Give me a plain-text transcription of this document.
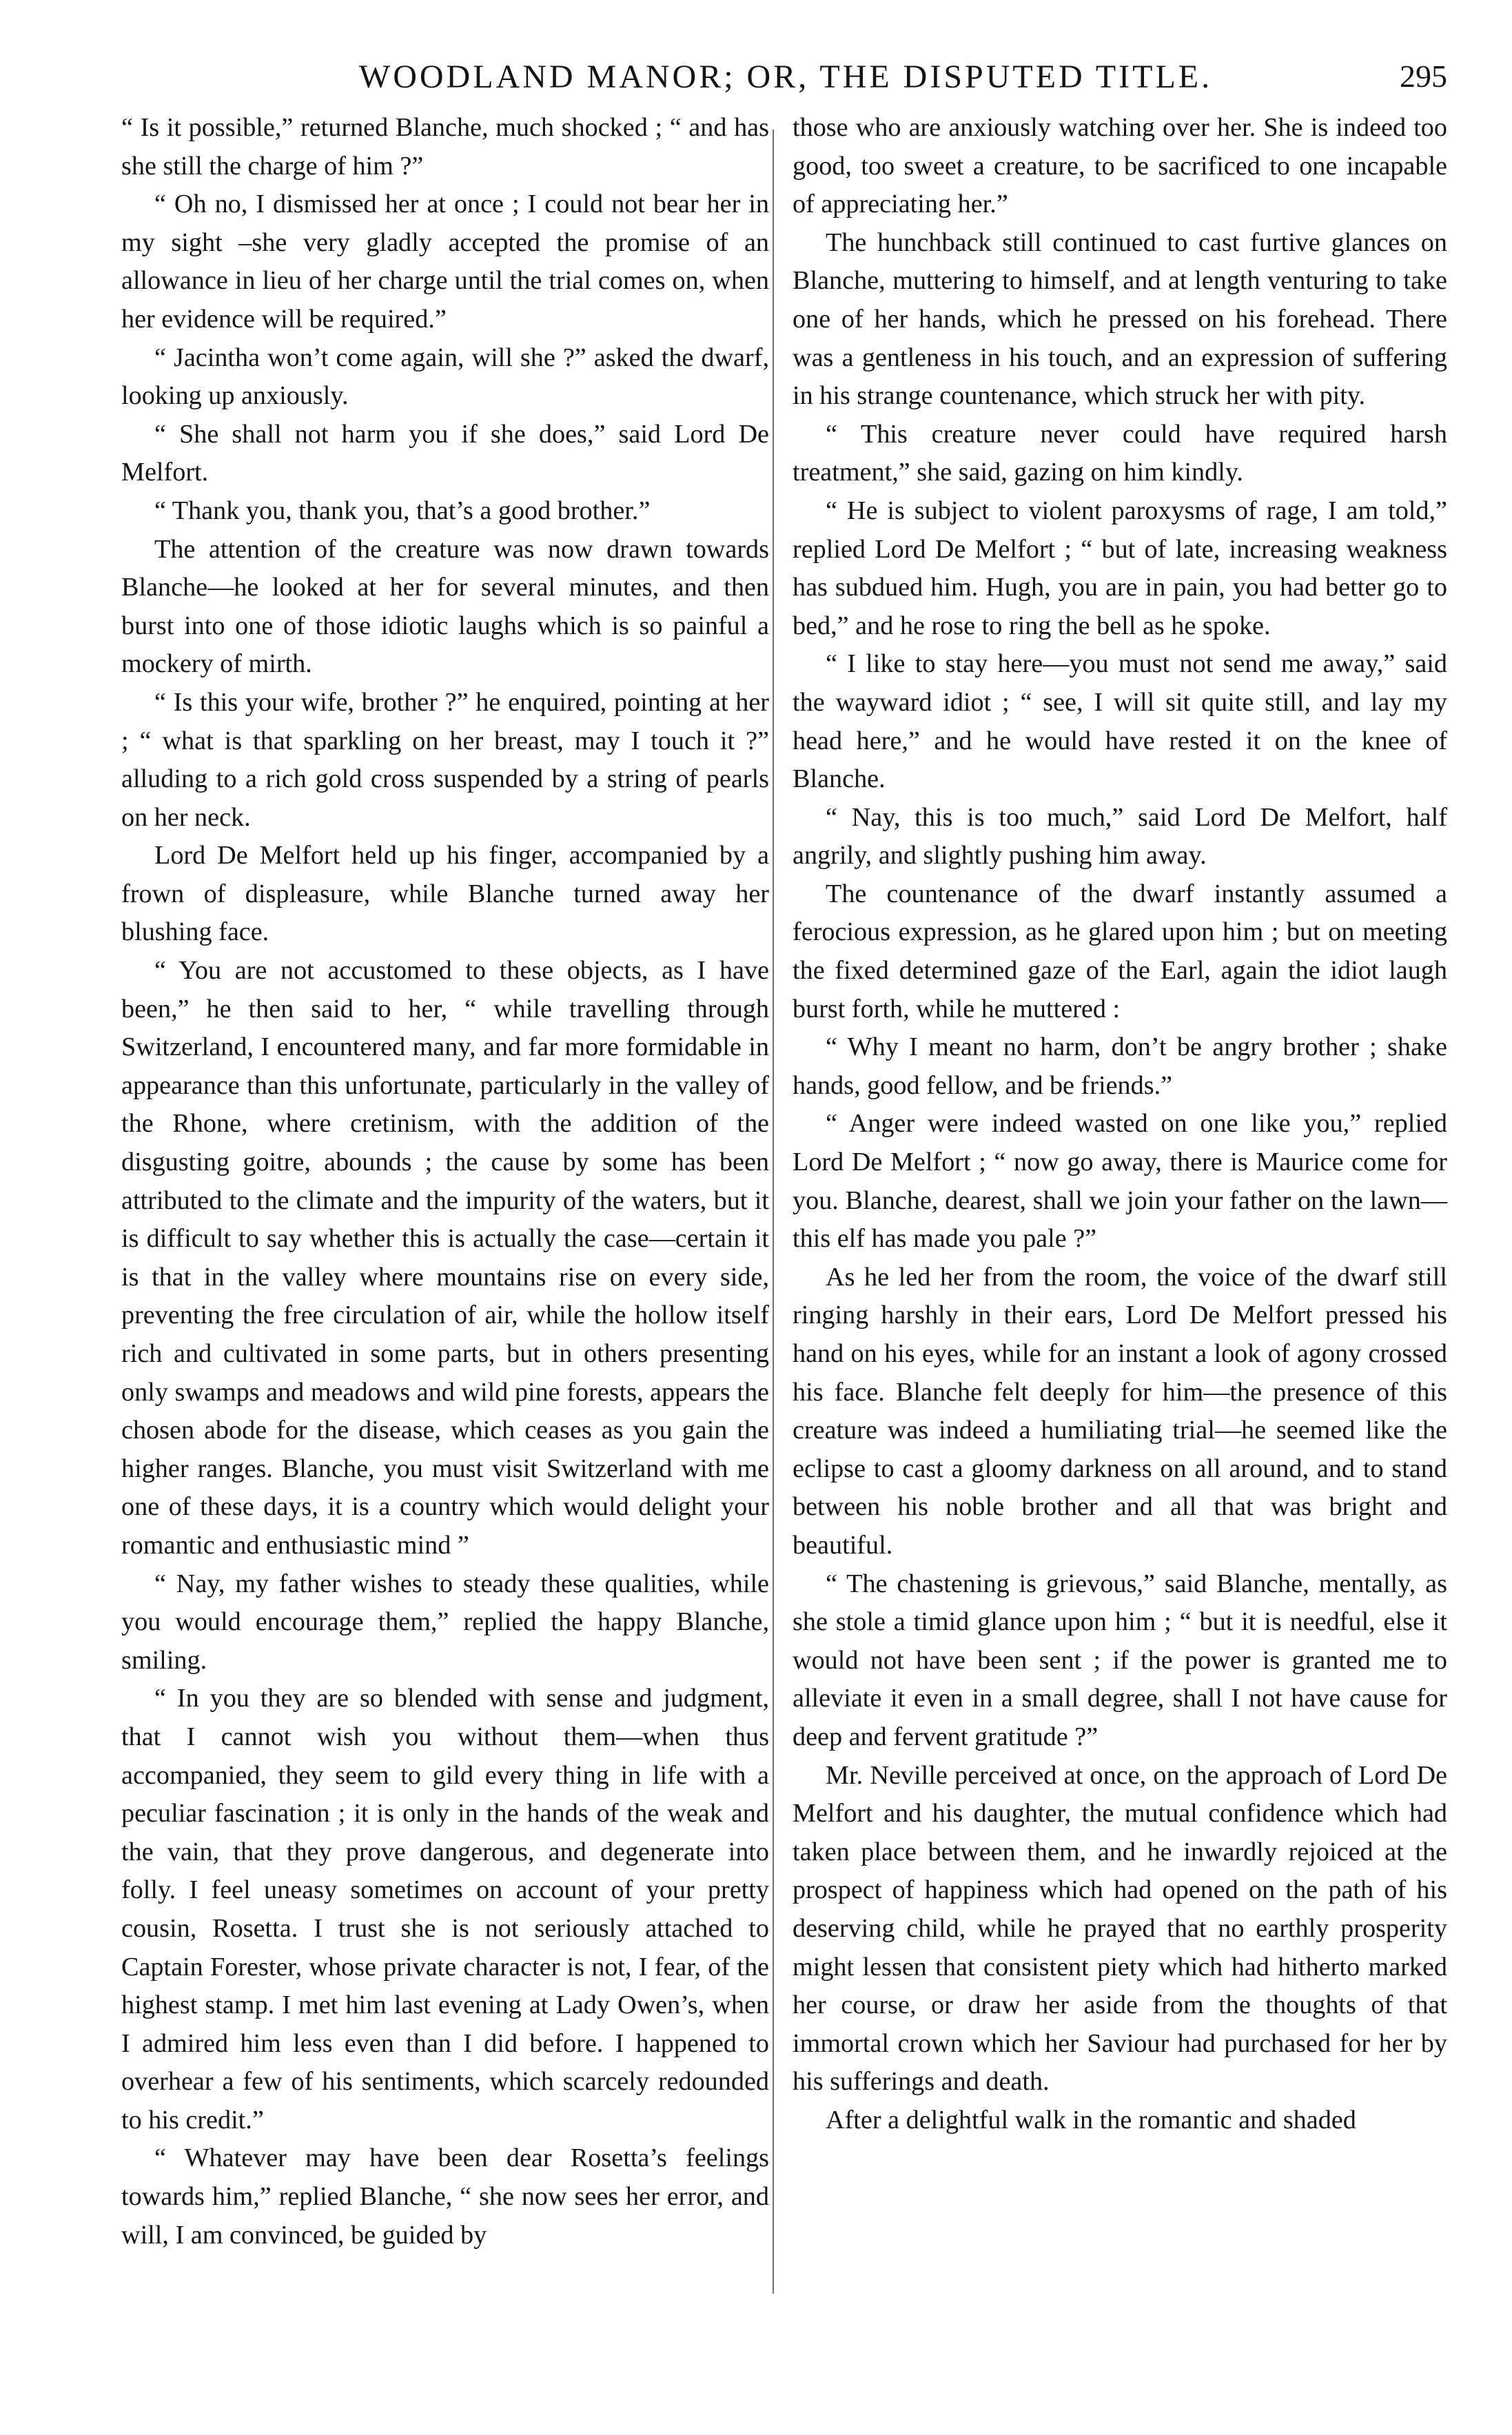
WOODLAND MANOR; OR, THE DISPUTED TITLE.	295

“ Is it possible,” returned Blanche, much shocked ; “ and has she still the charge of him ?”

“ Oh no, I dismissed her at once ; I could not bear her in my sight –she very gladly accepted the promise of an allowance in lieu of her charge until the trial comes on, when her evidence will be required.”

“ Jacintha won’t come again, will she ?” asked the dwarf, looking up anxiously.

“ She shall not harm you if she does,” said Lord De Melfort.

“ Thank you, thank you, that’s a good brother.”

The attention of the creature was now drawn towards Blanche—he looked at her for several minutes, and then burst into one of those idiotic laughs which is so painful a mockery of mirth.

“ Is this your wife, brother ?” he enquired, pointing at her ; “ what is that sparkling on her breast, may I touch it ?” alluding to a rich gold cross suspended by a string of pearls on her neck.

Lord De Melfort held up his finger, accompanied by a frown of displeasure, while Blanche turned away her blushing face.

“ You are not accustomed to these objects, as I have been,” he then said to her, “ while travelling through Switzerland, I encountered many, and far more formidable in appearance than this unfortunate, particularly in the valley of the Rhone, where cretinism, with the addition of the disgusting goitre, abounds ; the cause by some has been attributed to the climate and the impurity of the waters, but it is difficult to say whether this is actually the case—certain it is that in the valley where mountains rise on every side, preventing the free circulation of air, while the hollow itself rich and cultivated in some parts, but in others presenting only swamps and meadows and wild pine forests, appears the chosen abode for the disease, which ceases as you gain the higher ranges. Blanche, you must visit Switzerland with me one of these days, it is a country which would delight your romantic and enthusiastic mind ”

“ Nay, my father wishes to steady these qualities, while you would encourage them,” replied the happy Blanche, smiling.

“ In you they are so blended with sense and judgment, that I cannot wish you without them—when thus accompanied, they seem to gild every thing in life with a peculiar fascination ; it is only in the hands of the weak and the vain, that they prove dangerous, and degenerate into folly. I feel uneasy sometimes on account of your pretty cousin, Rosetta. I trust she is not seriously attached to Captain Forester, whose private character is not, I fear, of the highest stamp. I met him last evening at Lady Owen’s, when I admired him less even than I did before. I happened to overhear a few of his sentiments, which scarcely redounded to his credit.”

“ Whatever may have been dear Rosetta’s feelings towards him,” replied Blanche, “ she now sees her error, and will, I am convinced, be guided by

those who are anxiously watching over her. She is indeed too good, too sweet a creature, to be sacrificed to one incapable of appreciating her.”

The hunchback still continued to cast furtive glances on Blanche, muttering to himself, and at length venturing to take one of her hands, which he pressed on his forehead. There was a gentleness in his touch, and an expression of suffering in his strange countenance, which struck her with pity.

“ This creature never could have required harsh treatment,” she said, gazing on him kindly.

“ He is subject to violent paroxysms of rage, I am told,” replied Lord De Melfort ; “ but of late, increasing weakness has subdued him. Hugh, you are in pain, you had better go to bed,” and he rose to ring the bell as he spoke.

“ I like to stay here—you must not send me away,” said the wayward idiot ; “ see, I will sit quite still, and lay my head here,” and he would have rested it on the knee of Blanche.

“ Nay, this is too much,” said Lord De Melfort, half angrily, and slightly pushing him away.

The countenance of the dwarf instantly assumed a ferocious expression, as he glared upon him ; but on meeting the fixed determined gaze of the Earl, again the idiot laugh burst forth, while he muttered :

“ Why I meant no harm, don’t be angry brother ; shake hands, good fellow, and be friends.”

“ Anger were indeed wasted on one like you,” replied Lord De Melfort ; “ now go away, there is Maurice come for you. Blanche, dearest, shall we join your father on the lawn—this elf has made you pale ?”

As he led her from the room, the voice of the dwarf still ringing harshly in their ears, Lord De Melfort pressed his hand on his eyes, while for an instant a look of agony crossed his face. Blanche felt deeply for him—the presence of this creature was indeed a humiliating trial—he seemed like the eclipse to cast a gloomy darkness on all around, and to stand between his noble brother and all that was bright and beautiful.

“ The chastening is grievous,” said Blanche, mentally, as she stole a timid glance upon him ; “ but it is needful, else it would not have been sent ; if the power is granted me to alleviate it even in a small degree, shall I not have cause for deep and fervent gratitude ?”

Mr. Neville perceived at once, on the approach of Lord De Melfort and his daughter, the mutual confidence which had taken place between them, and he inwardly rejoiced at the prospect of happiness which had opened on the path of his deserving child, while he prayed that no earthly prosperity might lessen that consistent piety which had hitherto marked her course, or draw her aside from the thoughts of that immortal crown which her Saviour had purchased for her by his sufferings and death.

After a delightful walk in the romantic and shaded
